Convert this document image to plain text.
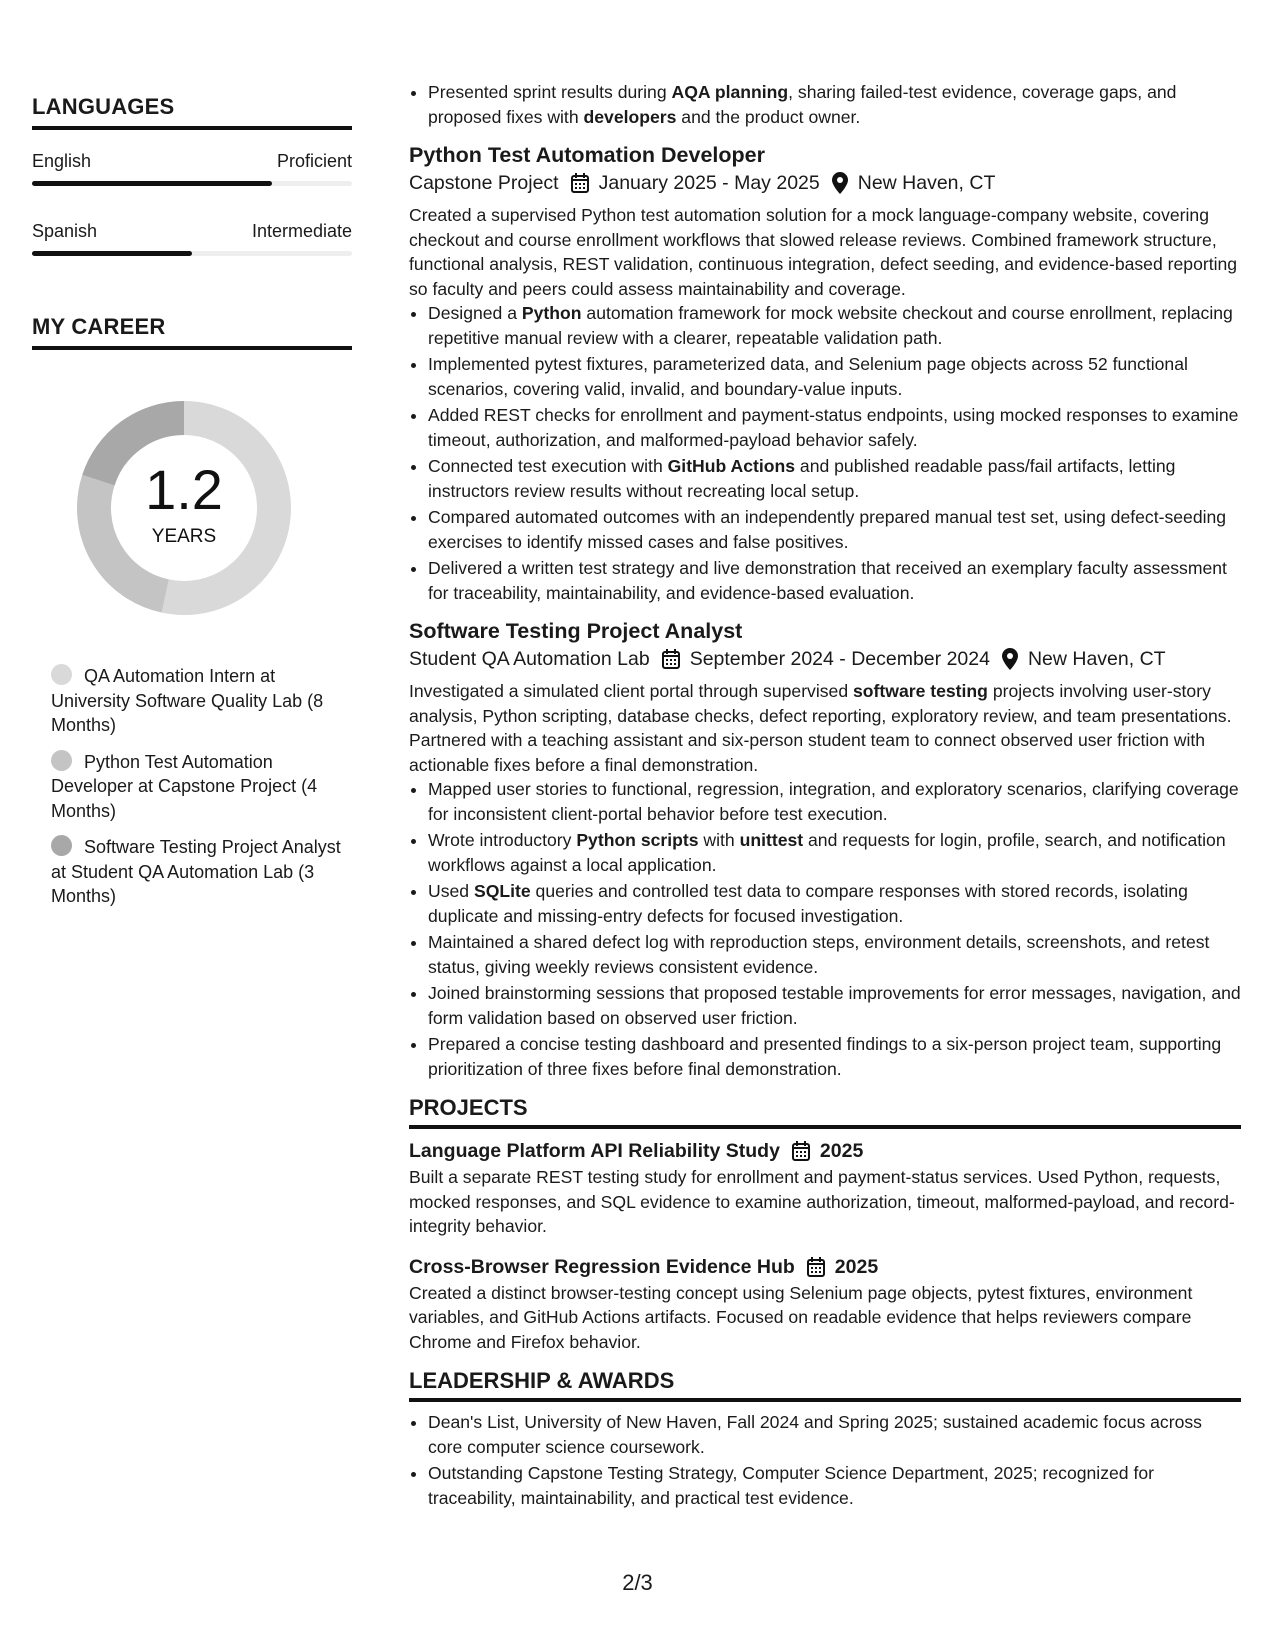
LANGUAGES
English	Proficient
Spanish	Intermediate
MY CAREER
1.2
YEARS
QA Automation Intern at University Software Quality Lab (8 Months)
Python Test Automation Developer at Capstone Project (4 Months)
Software Testing Project Analyst at Student QA Automation Lab (3 Months)
• Presented sprint results during AQA planning, sharing failed-test evidence, coverage gaps, and proposed fixes with developers and the product owner.
Python Test Automation Developer
Capstone Project January 2025 - May 2025 New Haven, CT

Created a supervised Python test automation solution for a mock language-company website, covering checkout and course enrollment workflows that slowed release reviews. Combined framework structure, functional analysis, REST validation, continuous integration, defect seeding, and evidence-based reporting so faculty and peers could assess maintainability and coverage.

• Designed a Python automation framework for mock website checkout and course enrollment, replacing repetitive manual review with a clearer, repeatable validation path.
• Implemented pytest fixtures, parameterized data, and Selenium page objects across 52 functional scenarios, covering valid, invalid, and boundary-value inputs.
• Added REST checks for enrollment and payment-status endpoints, using mocked responses to examine timeout, authorization, and malformed-payload behavior safely.
• Connected test execution with GitHub Actions and published readable pass/fail artifacts, letting instructors review results without recreating local setup.
• Compared automated outcomes with an independently prepared manual test set, using defect-seeding exercises to identify missed cases and false positives.
• Delivered a written test strategy and live demonstration that received an exemplary faculty assessment for traceability, maintainability, and evidence-based evaluation.
Software Testing Project Analyst
Student QA Automation Lab September 2024 - December 2024 New Haven, CT

Investigated a simulated client portal through supervised software testing projects involving user-story analysis, Python scripting, database checks, defect reporting, exploratory review, and team presentations. Partnered with a teaching assistant and six-person student team to connect observed user friction with actionable fixes before a final demonstration.

• Mapped user stories to functional, regression, integration, and exploratory scenarios, clarifying coverage for inconsistent client-portal behavior before test execution.
• Wrote introductory Python scripts with unittest and requests for login, profile, search, and notification workflows against a local application.
• Used SQLite queries and controlled test data to compare responses with stored records, isolating duplicate and missing-entry defects for focused investigation.
• Maintained a shared defect log with reproduction steps, environment details, screenshots, and retest status, giving weekly reviews consistent evidence.
• Joined brainstorming sessions that proposed testable improvements for error messages, navigation, and form validation based on observed user friction.
• Prepared a concise testing dashboard and presented findings to a six-person project team, supporting prioritization of three fixes before final demonstration.
PROJECTS
Language Platform API Reliability Study 2025

Built a separate REST testing study for enrollment and payment-status services. Used Python, requests, mocked responses, and SQL evidence to examine authorization, timeout, malformed-payload, and record-integrity behavior.

Cross-Browser Regression Evidence Hub 2025

Created a distinct browser-testing concept using Selenium page objects, pytest fixtures, environment variables, and GitHub Actions artifacts. Focused on readable evidence that helps reviewers compare Chrome and Firefox behavior.

LEADERSHIP & AWARDS
• Dean's List, University of New Haven, Fall 2024 and Spring 2025; sustained academic focus across core computer science coursework.
• Outstanding Capstone Testing Strategy, Computer Science Department, 2025; recognized for traceability, maintainability, and practical test evidence.
2/3
